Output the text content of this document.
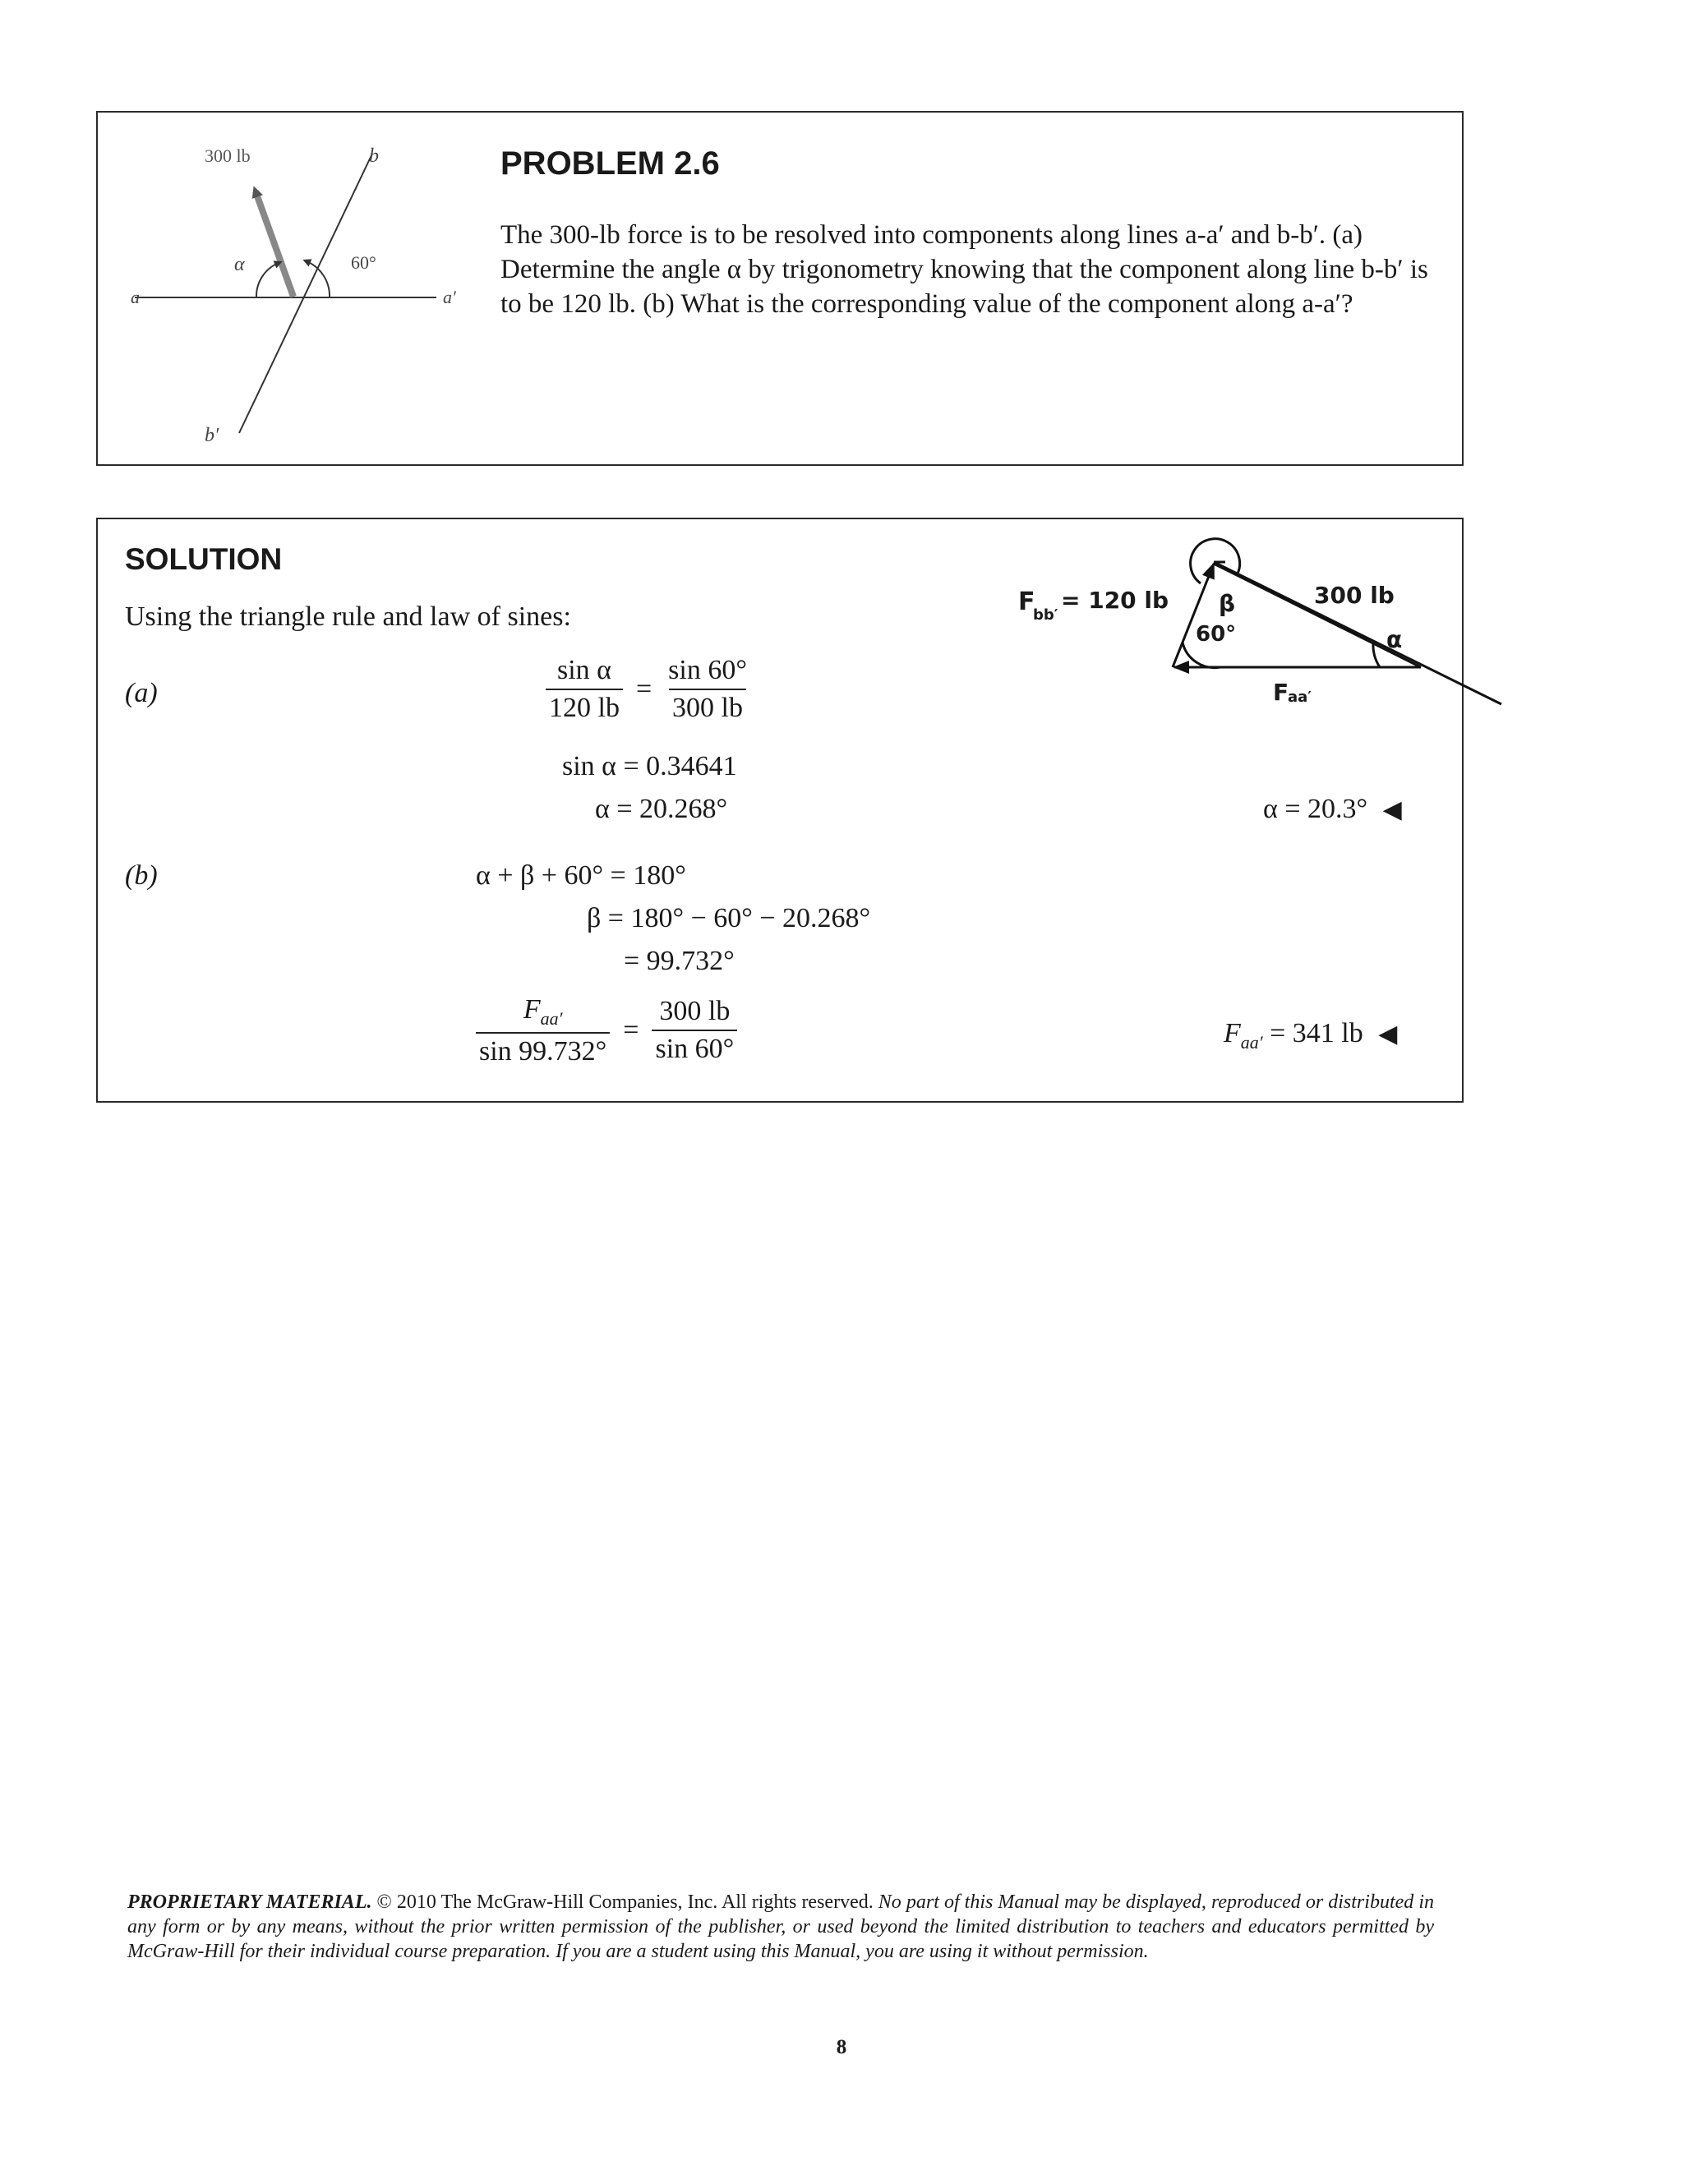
300 lb	b
b′
a	a′
α	60°
PROBLEM 2.6
The 300-lb force is to be resolved into components along lines a-a′ and b-b′. (a) Determine the angle α by trigonometry knowing that the component along line b-b′ is to be 120 lb. (b) What is the corresponding value of the component along a-a′?
SOLUTION
Using the triangle rule and law of sines:
(a)	$\frac{\text{sin α}}{120 lb} = \frac{\sin 60^\circ}{300 lb}$
sin α = 0.34641
α = 20.268°	α = 20.3° ◀
(b)	α + β + 60° = 180°
β = 180° − 60° − 20.268°
= 99.732°
$\frac{F_{aa'}}{\sin 99.732^\circ} = \frac{300 lb}{\sin 60^\circ}$	$F_{aa'} = 341$ lb ◀
F
bb′
= 120 lb	300 lb
β
60°	α
F
aa′
PROPRIETARY MATERIAL. © 2010 The McGraw-Hill Companies, Inc. All rights reserved. No part of this Manual may be displayed, reproduced or distributed in any form or by any means, without the prior written permission of the publisher, or used beyond the limited distribution to teachers and educators permitted by McGraw-Hill for their individual course preparation. If you are a student using this Manual, you are using it without permission.
8
